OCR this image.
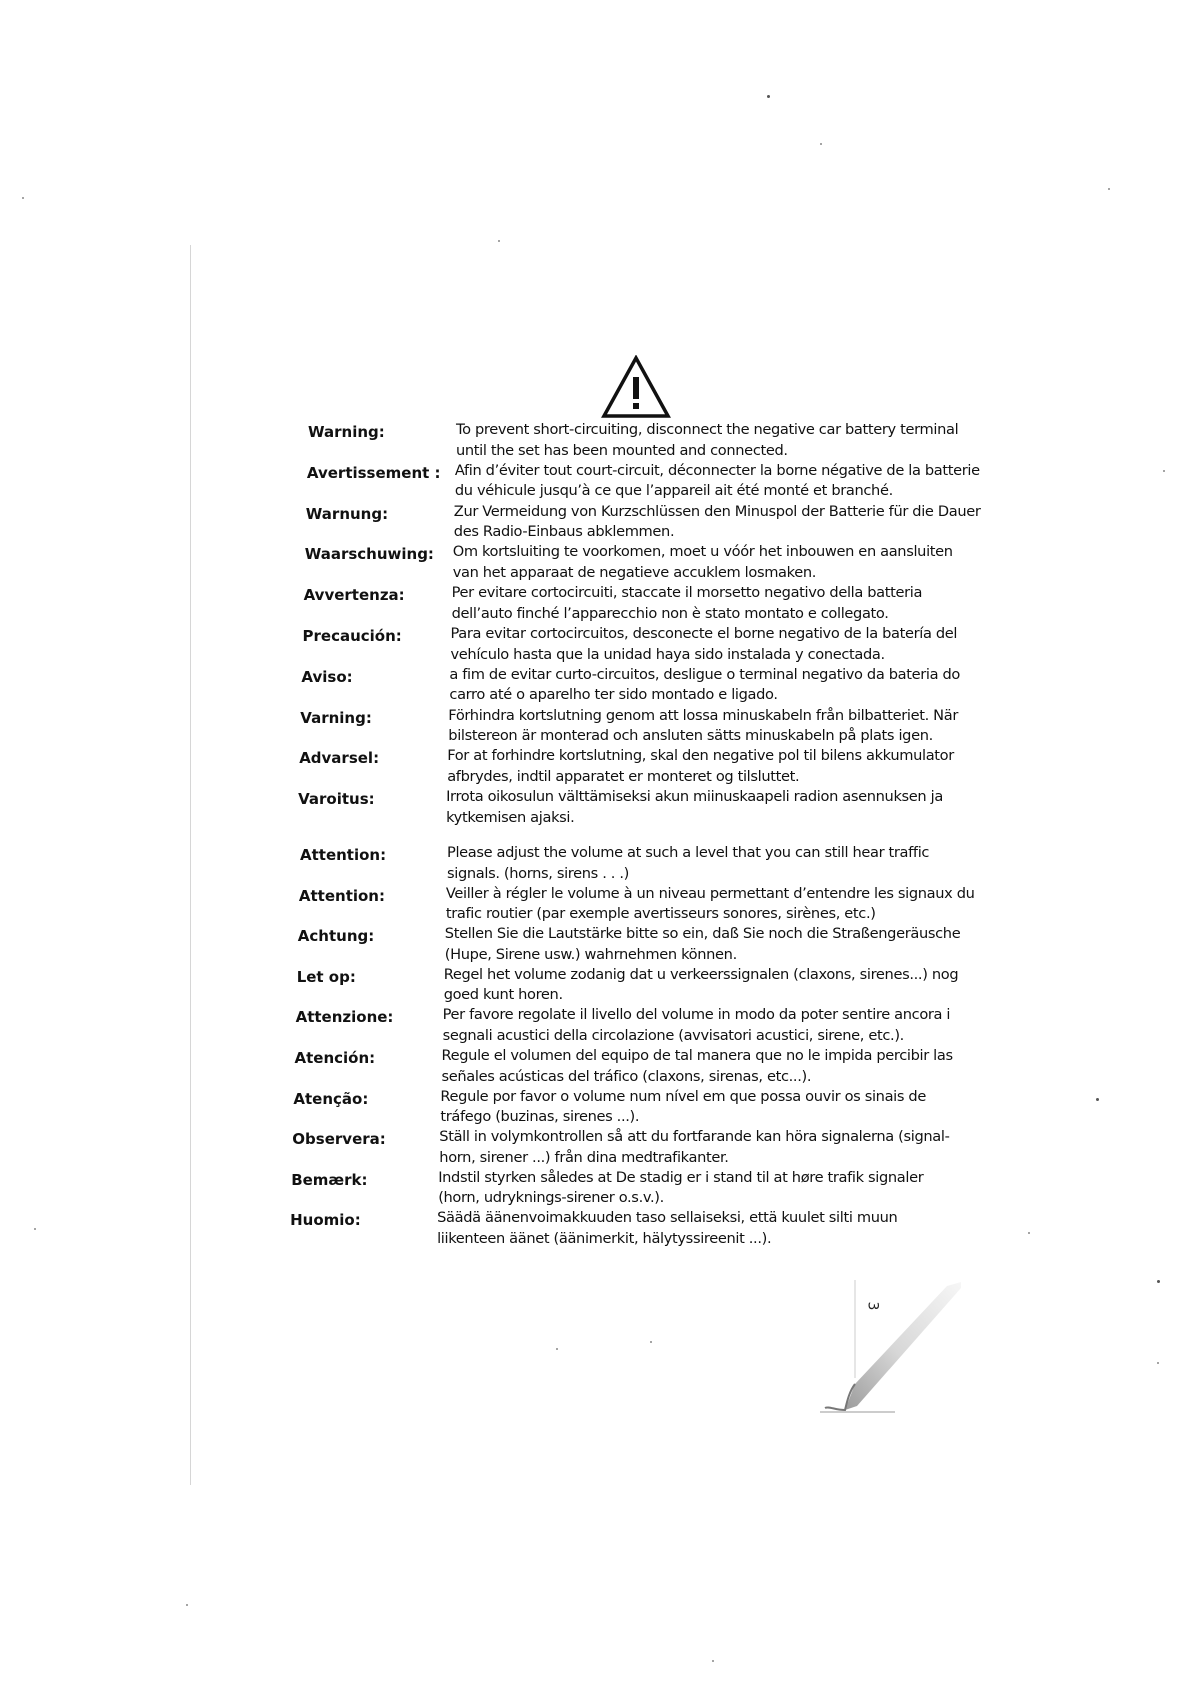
Warning:	To prevent short-circuiting, disconnect the negative car battery terminal until the set has been mounted and connected.
Avertissement : Afin d’éviter tout court-circuit, déconnecter la borne négative de la batterie du véhicule jusqu’à ce que l’appareil ait été monté et branché.
Warnung:	Zur Vermeidung von Kurzschlüssen den Minuspol der Batterie für die Dauer des Radio-Einbaus abklemmen.
Waarschuwing: Om kortsluiting te voorkomen, moet u vóór het inbouwen en aansluiten van het apparaat de negatieve accuklem losmaken.
Avvertenza:	Per evitare cortocircuiti, staccate il morsetto negativo della batteria dell’auto finché l’apparecchio non è stato montato e collegato.
Precaución:	Para evitar cortocircuitos, desconecte el borne negativo de la batería del vehículo hasta que la unidad haya sido instalada y conectada.
Aviso:	a fim de evitar curto-circuitos, desligue o terminal negativo da bateria do carro até o aparelho ter sido montado e ligado.
Varning:	Förhindra kortslutning genom att lossa minuskabeln från bilbatteriet. När bilstereon är monterad och ansluten sätts minuskabeln på plats igen.
Advarsel:	For at forhindre kortslutning, skal den negative pol til bilens akkumulator afbrydes, indtil apparatet er monteret og tilsluttet.
Varoitus:	Irrota oikosulun välttämiseksi akun miinuskaapeli radion asennuksen ja kytkemisen ajaksi.
Attention:	Please adjust the volume at such a level that you can still hear traffic signals. (horns, sirens . . .)
Attention:	Veiller à régler le volume à un niveau permettant d’entendre les signaux du trafic routier (par exemple avertisseurs sonores, sirènes, etc.)
Achtung:	Stellen Sie die Lautstärke bitte so ein, daß Sie noch die Straßengeräusche (Hupe, Sirene usw.) wahrnehmen können.
Let op:	Regel het volume zodanig dat u verkeerssignalen (claxons, sirenes...) nog goed kunt horen.
Attenzione:	Per favore regolate il livello del volume in modo da poter sentire ancora i segnali acustici della circolazione (avvisatori acustici, sirene, etc.).
Atención:	Regule el volumen del equipo de tal manera que no le impida percibir las señales acústicas del tráfico (claxons, sirenas, etc...).
Atenção:	Regule por favor o volume num nível em que possa ouvir os sinais de tráfego (buzinas, sirenes ...).
Observera:	Ställ in volymkontrollen så att du fortfarande kan höra signalerna (signal-horn, sirener ...) från dina medtrafikanter.
Bemærk:	Indstil styrken således at De stadig er i stand til at høre trafik signaler (horn, udryknings-sirener o.s.v.).
Huomio:	Säädä äänenvoimakkuuden taso sellaiseksi, että kuulet silti muun liikenteen äänet (äänimerkit, hälytyssireenit ...).
3
